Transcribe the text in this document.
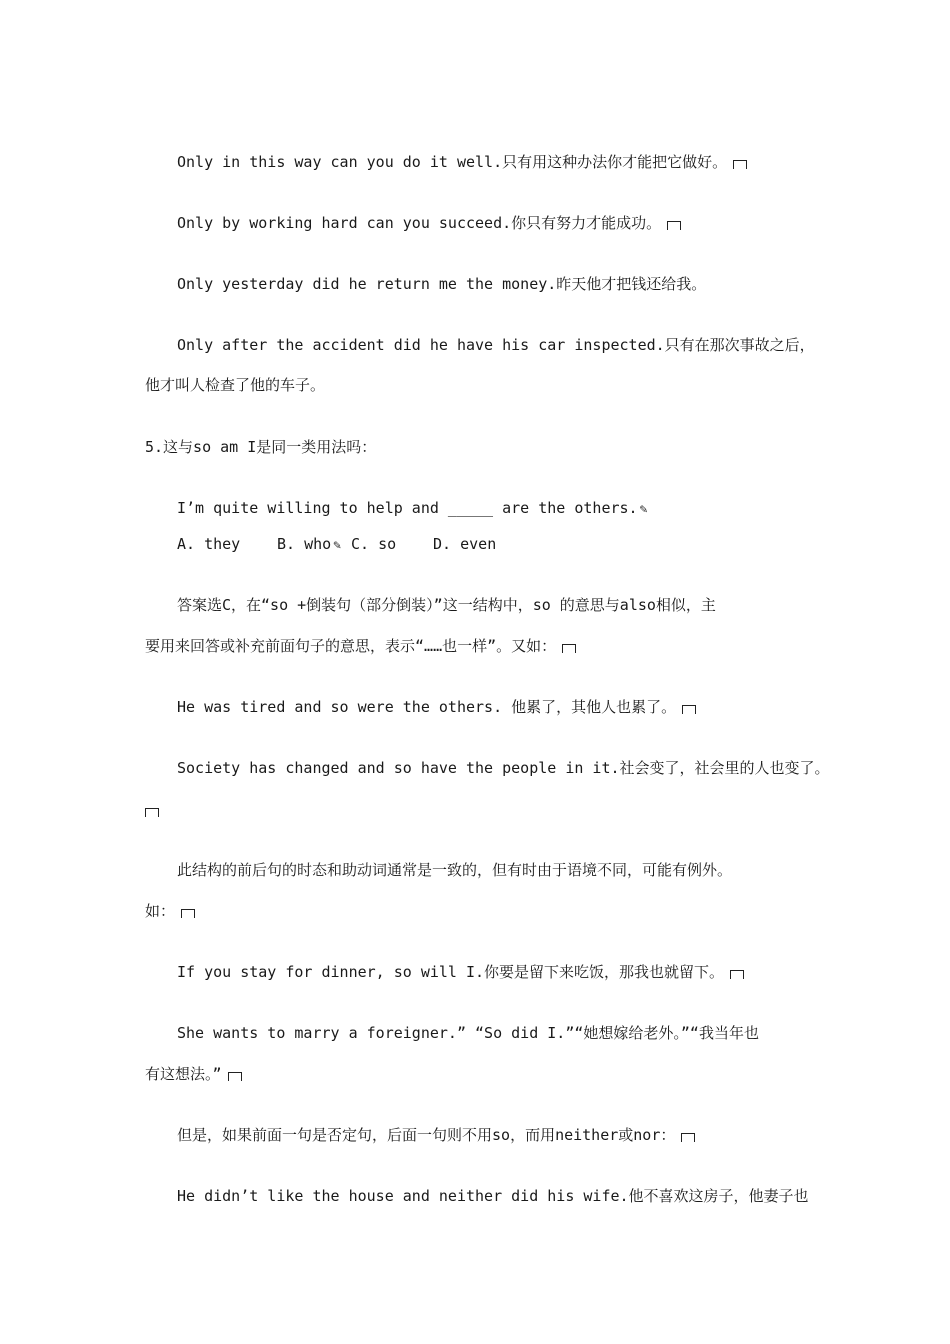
Only in this way can you do it well.只有用这种办法你才能把它做好。
Only by working hard can you succeed.你只有努力才能成功。
Only yesterday did he return me the money.昨天他才把钱还给我。
Only after the accident did he have his car inspected.只有在那次事故之后，
他才叫人检查了他的车子。
5.这与so am I是同一类用法吗：
I’m quite willing to help and _____ are the others. ✎
A. they B. who ✎ C. so D. even
答案选C，在“so +倒装句（部分倒装）”这一结构中，so 的意思与also相似，主
要用来回答或补充前面句子的意思，表示“……也一样”。又如：
He was tired and so were the others. 他累了，其他人也累了。
Society has changed and so have the people in it.社会变了，社会里的人也变了。
此结构的前后句的时态和助动词通常是一致的，但有时由于语境不同，可能有例外。
如：
If you stay for dinner, so will I.你要是留下来吃饭，那我也就留下。
She wants to marry a foreigner.” “So did I.”“她想嫁给老外。”“我当年也
有这想法。”
但是，如果前面一句是否定句，后面一句则不用so，而用neither或nor：
He didn’t like the house and neither did his wife.他不喜欢这房子，他妻子也
